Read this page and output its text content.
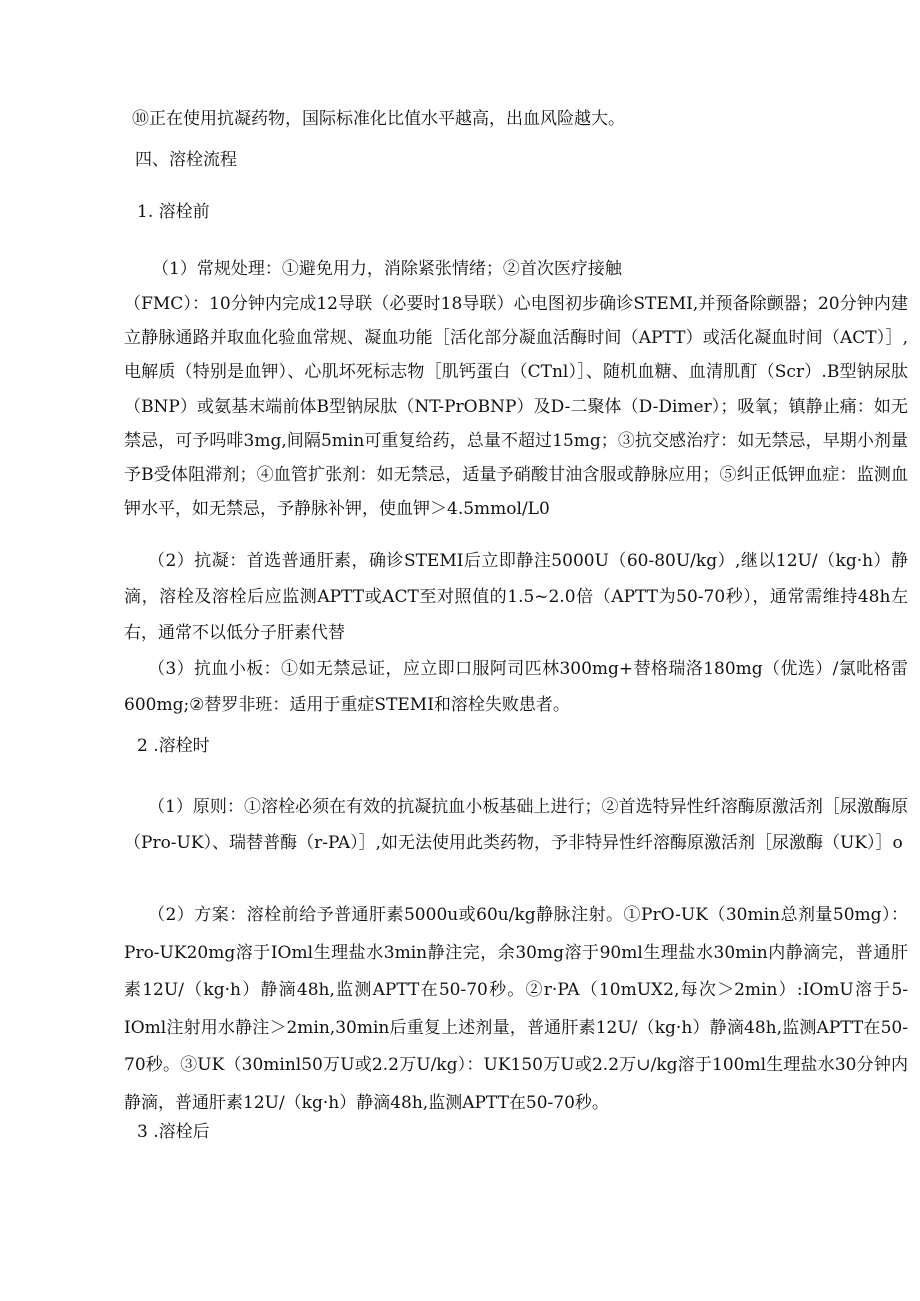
⑩正在使用抗凝药物，国际标准化比值水平越高，出血风险越大。
四、溶栓流程
1. 溶栓前
（1）常规处理：①避免用力，消除紧张情绪；②首次医疗接触
（FMC）：10分钟内完成12导联（必要时18导联）心电图初步确诊STEMI,并预备除颤器；20分钟内建立静脉通路并取血化验血常规、凝血功能［活化部分凝血活酶时间（APTT）或活化凝血时间（ACT）］,电解质（特别是血钾）、心肌坏死标志物［肌钙蛋白（CTnl）］、随机血糖、血清肌酊（Scr）.B型钠尿肽（BNP）或氨基末端前体B型钠尿肽（NT-PrOBNP）及D-二聚体（D-Dimer）；吸氧；镇静止痛：如无禁忌，可予吗啡3mg,间隔5min可重复给药，总量不超过15mg；③抗交感治疗：如无禁忌，早期小剂量予B受体阻滞剂；④血管扩张剂：如无禁忌，适量予硝酸甘油含服或静脉应用；⑤纠正低钾血症：监测血钾水平，如无禁忌，予静脉补钾，使血钾＞4.5mmol∕L0
（2）抗凝：首选普通肝素，确诊STEMI后立即静注5000U（60-80U∕kg）,继以12U∕（kg·h）静滴，溶栓及溶栓后应监测APTT或ACT至对照值的1.5~2.0倍（APTT为50-70秒），通常需维持48h左右，通常不以低分子肝素代替
（3）抗血小板：①如无禁忌证，应立即口服阿司匹林300mg+替格瑞洛180mg（优选）/氯吡格雷600mg;②替罗非班：适用于重症STEMI和溶栓失败患者。
2 .溶栓时
（1）原则：①溶栓必须在有效的抗凝抗血小板基础上进行；②首选特异性纤溶酶原激活剂［尿激酶原（Pro-UK）、瑞替普酶（r-PA）］,如无法使用此类药物，予非特异性纤溶酶原激活剂［尿激酶（UK）］o
（2）方案：溶栓前给予普通肝素5000u或60u∕kg静脉注射。①PrO-UK（30min总剂量50mg）：Pro-UK20mg溶于IOml生理盐水3min静注完，余30mg溶于90ml生理盐水30min内静滴完，普通肝素12U∕（kg·h）静滴48h,监测APTT在50-70秒。②r·PA（10mUX2,每次＞2min）:IOmU溶于5-IOml注射用水静注＞2min,30min后重复上述剂量，普通肝素12U∕（kg·h）静滴48h,监测APTT在50-70秒。③UK（30minl50万U或2.2万U/kg）：UK150万U或2.2万∪∕kg溶于100ml生理盐水30分钟内静滴，普通肝素12U∕（kg·h）静滴48h,监测APTT在50-70秒。
3 .溶栓后
